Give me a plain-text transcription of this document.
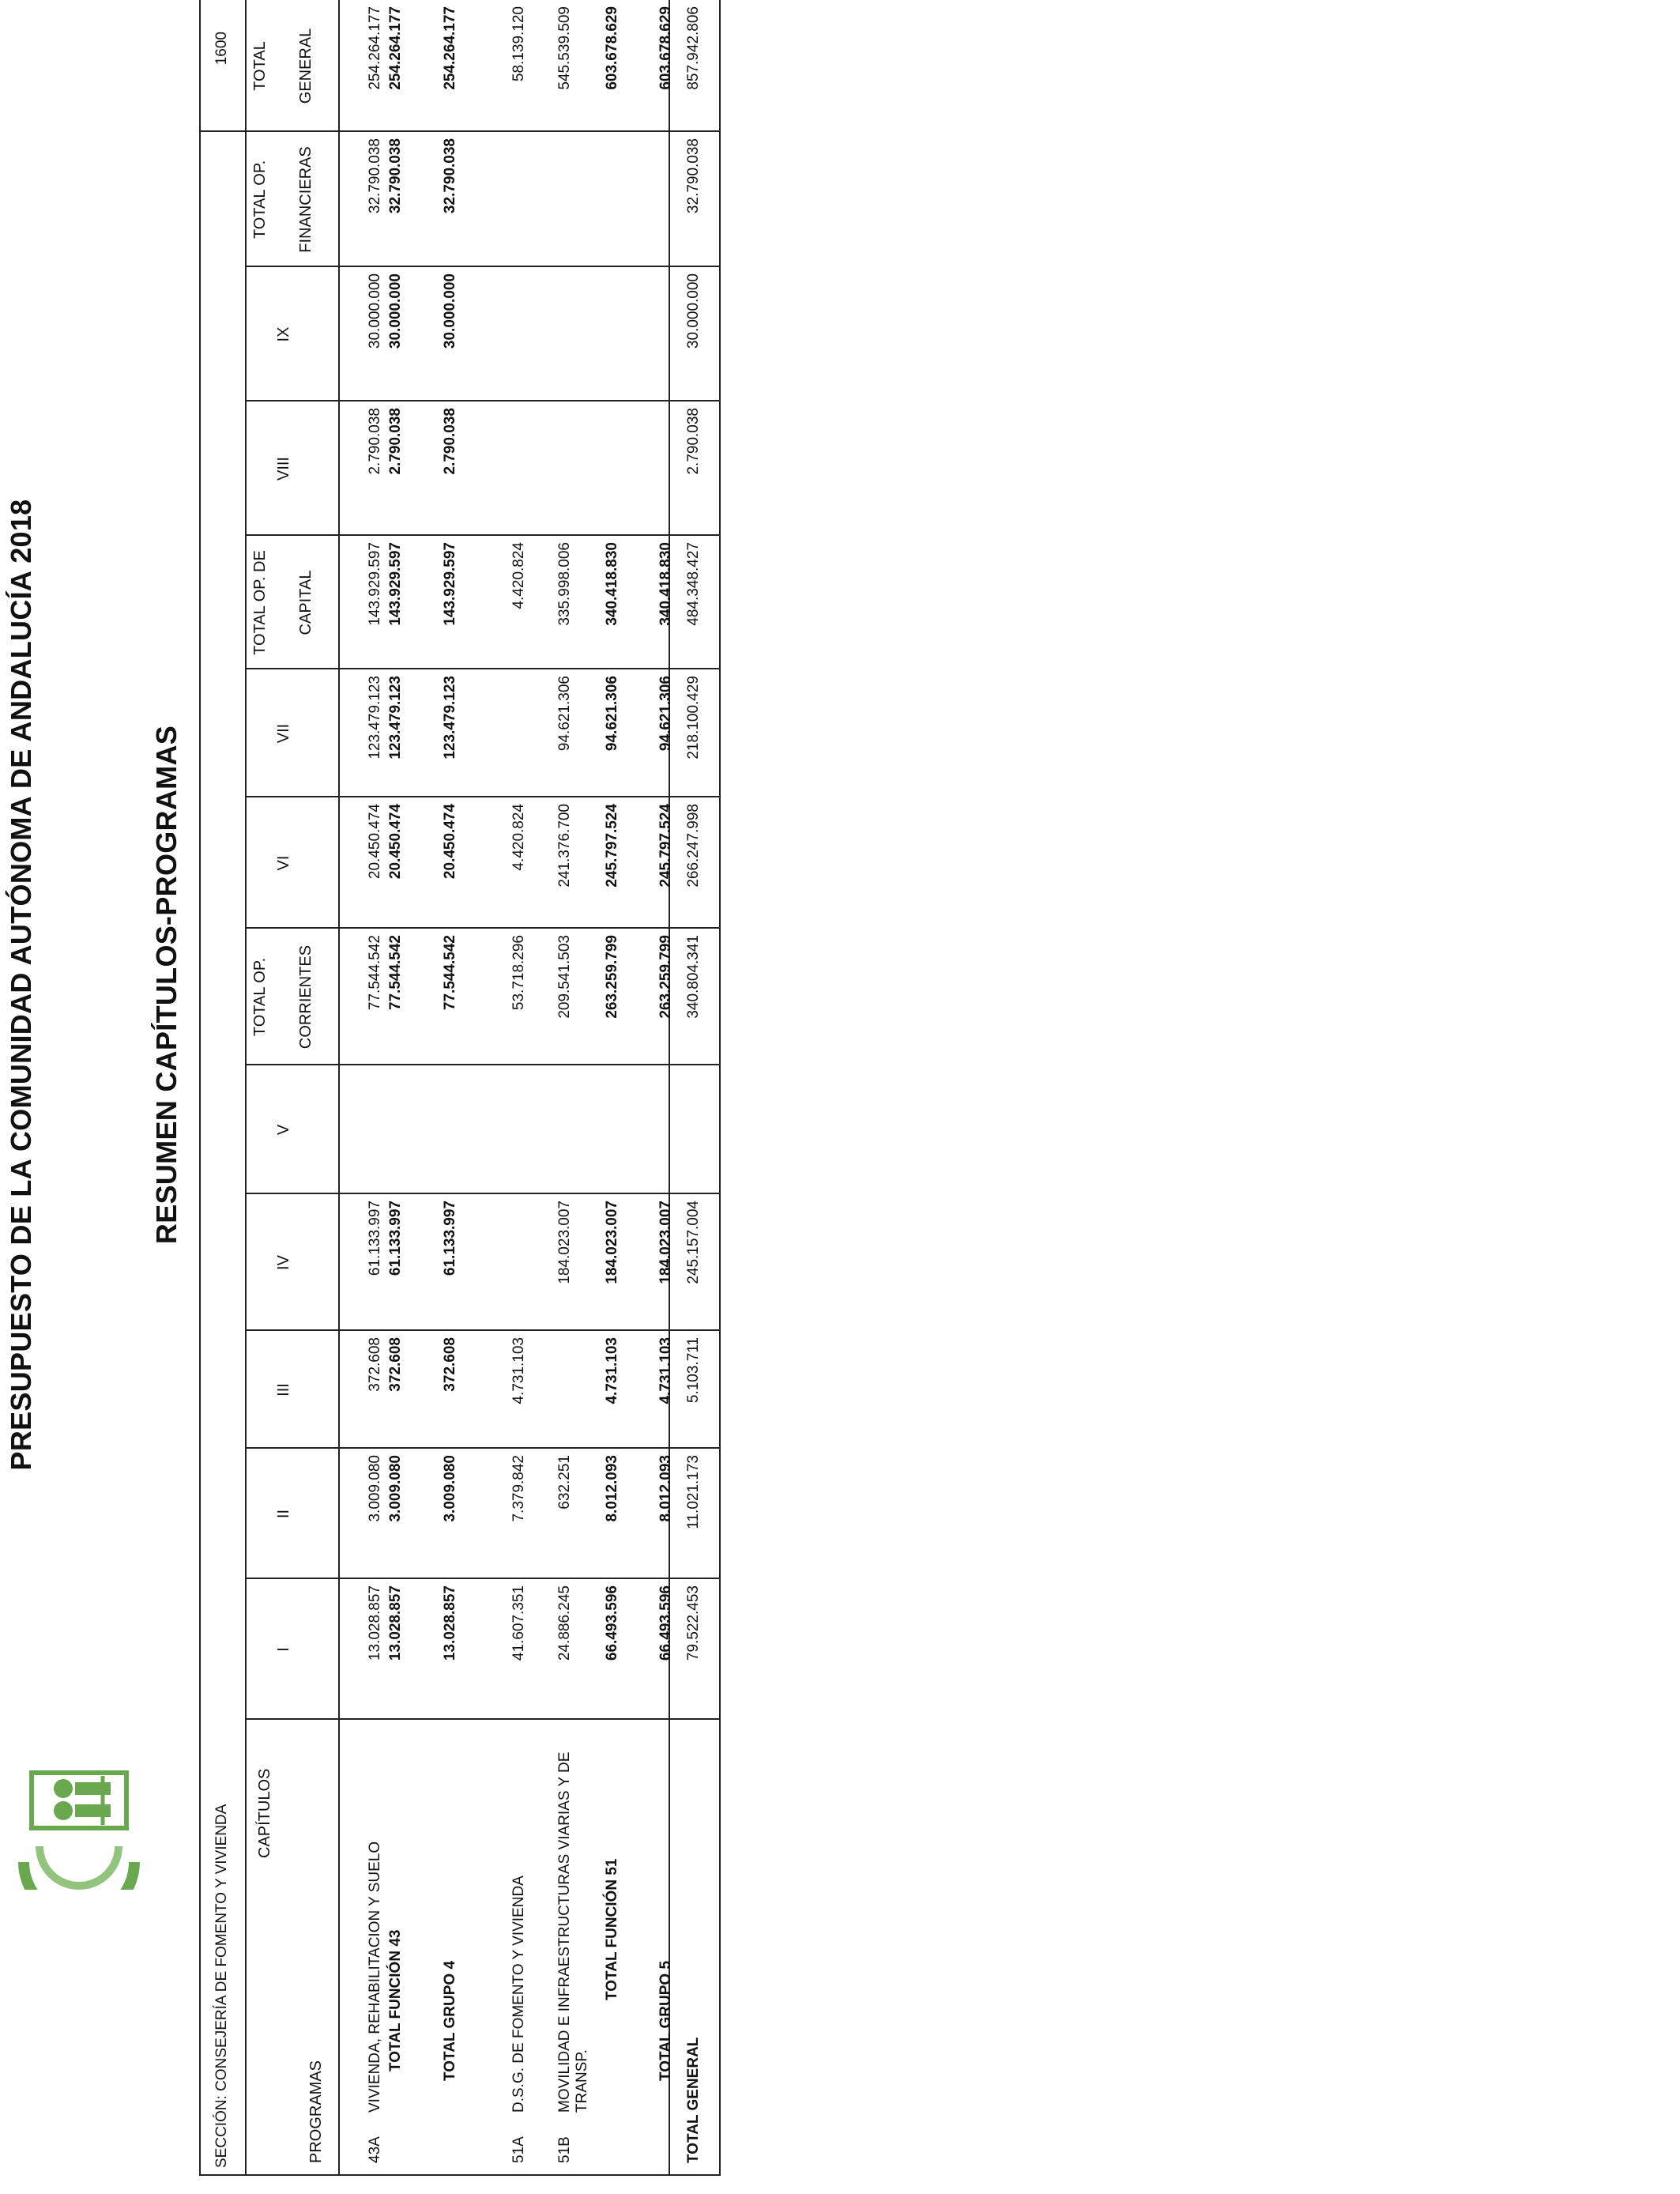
PRESUPUESTO DE LA COMUNIDAD AUTÓNOMA DE ANDALUCÍA 2018	RESUMEN CAPÍTULOS-PROGRAMAS
SECCIÓN: CONSEJERÍA DE FOMENTO Y VIVIENDA
1600
CAPÍTULOS
PROGRAMAS
I
II
III
IV
V
TOTAL OP. CORRIENTES
VI
VII
TOTAL OP. DE CAPITAL
VIII
IX
TOTAL OP. FINANCIERAS
TOTAL GENERAL
43A
VIVIENDA, REHABILITACION Y SUELO
13.028.857
3.009.080
372.608
61.133.997
77.544.542
20.450.474
123.479.123
143.929.597
2.790.038
30.000.000
32.790.038
254.264.177
TOTAL FUNCIÓN 43
13.028.857
3.009.080
372.608
61.133.997
77.544.542
20.450.474
123.479.123
143.929.597
2.790.038
30.000.000
32.790.038
254.264.177
TOTAL GRUPO 4
13.028.857
3.009.080
372.608
61.133.997
77.544.542
20.450.474
123.479.123
143.929.597
2.790.038
30.000.000
32.790.038
254.264.177
51A
D.S.G. DE FOMENTO Y VIVIENDA
41.607.351
7.379.842
4.731.103
53.718.296
4.420.824
4.420.824
58.139.120
51B
MOVILIDAD E INFRAESTRUCTURAS VIARIAS Y DE TRANSP.
24.886.245
632.251
184.023.007
209.541.503
241.376.700
94.621.306
335.998.006
545.539.509
TOTAL FUNCIÓN 51
66.493.596
8.012.093
4.731.103
184.023.007
263.259.799
245.797.524
94.621.306
340.418.830
603.678.629
TOTAL GRUPO 5
66.493.596
8.012.093
4.731.103
184.023.007
263.259.799
245.797.524
94.621.306
340.418.830
603.678.629
TOTAL GENERAL
79.522.453
11.021.173
5.103.711
245.157.004
340.804.341
266.247.998
218.100.429
484.348.427
2.790.038
30.000.000
32.790.038
857.942.806
